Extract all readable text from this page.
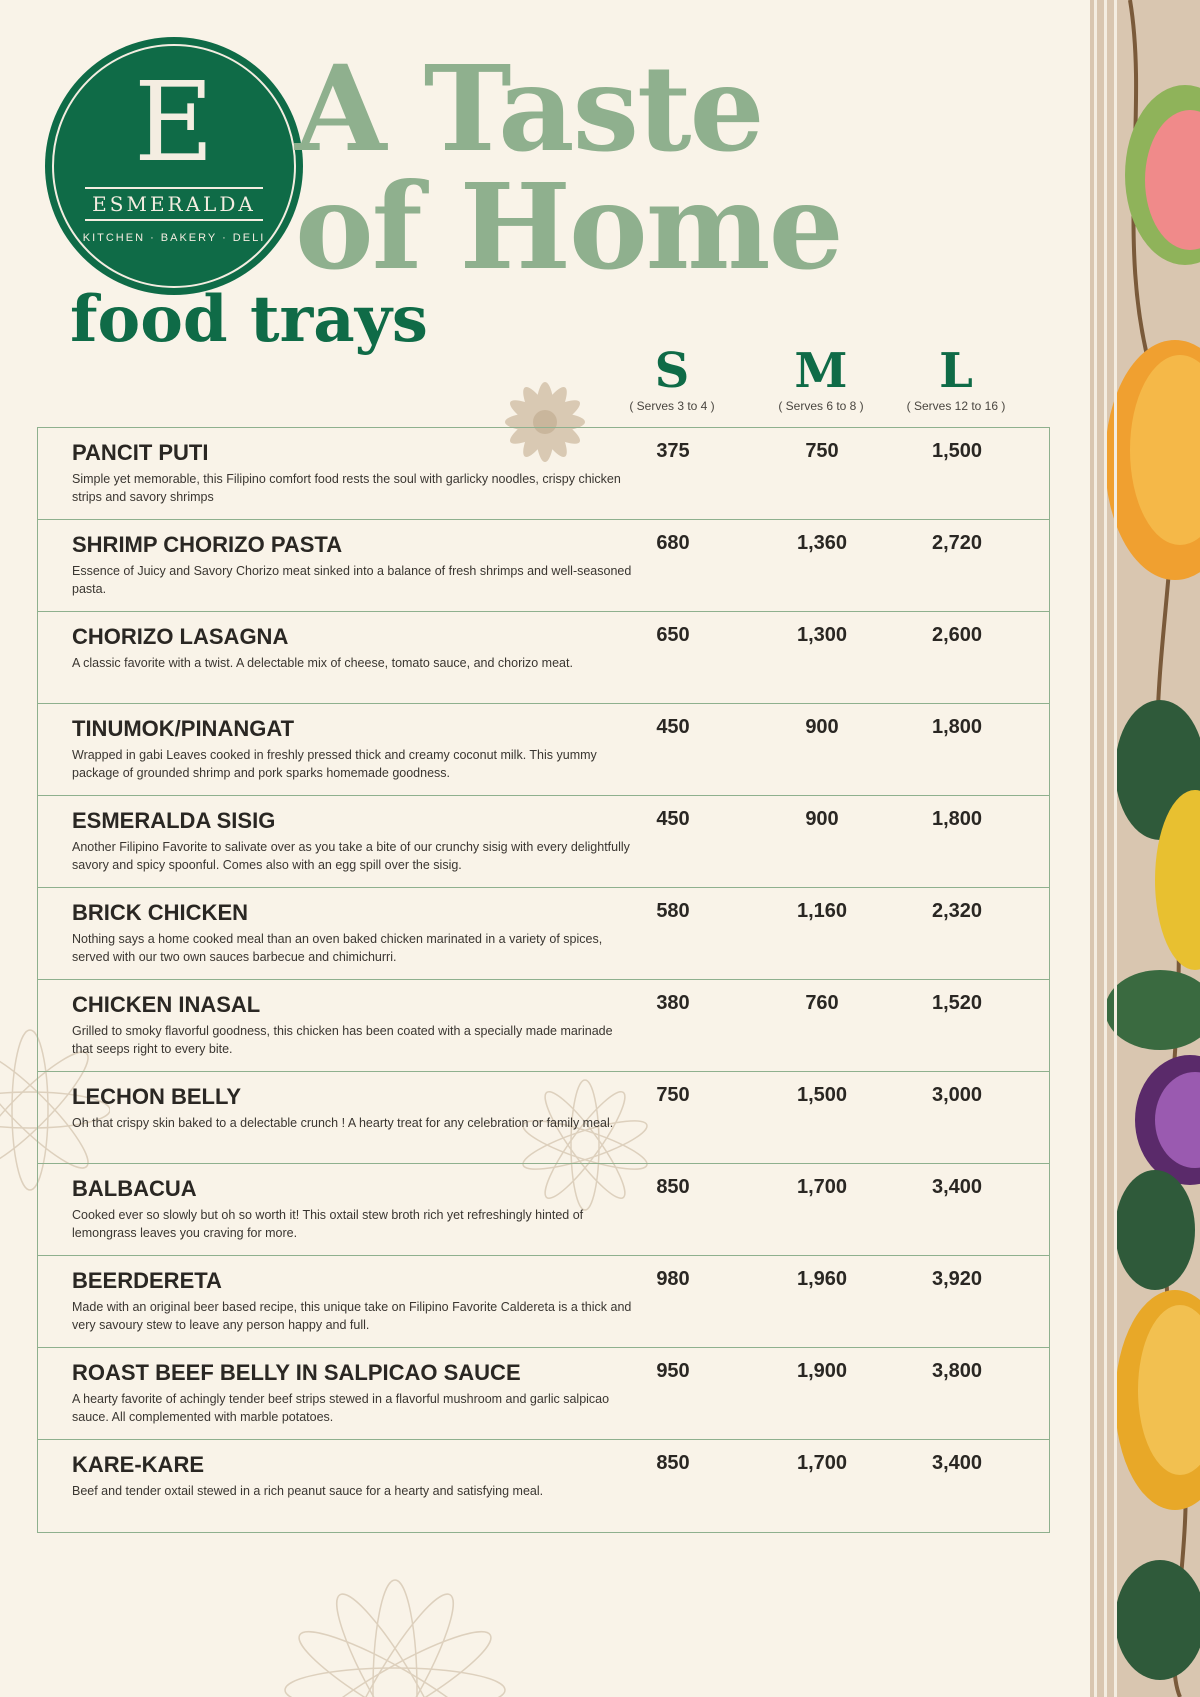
E
ESMERALDA
KITCHEN · BAKERY · DELI
A Taste
of Home
food trays
S
( Serves 3 to 4 )
M
( Serves 6 to 8 )
L
( Serves 12 to 16 )
PANCIT PUTI
Simple yet memorable, this Filipino comfort food rests the soul with garlicky noodles, crispy chicken strips and savory shrimps
375	750	1,500
SHRIMP CHORIZO PASTA
Essence of Juicy and Savory Chorizo meat sinked into a balance of fresh shrimps and well-seasoned pasta.
680	1,360	2,720
CHORIZO LASAGNA
A classic favorite with a twist. A delectable mix of cheese, tomato sauce, and chorizo meat.
650	1,300	2,600
TINUMOK/PINANGAT
Wrapped in gabi Leaves cooked in freshly pressed thick and creamy coconut milk. This yummy package of grounded shrimp and pork sparks homemade goodness.
450	900	1,800
ESMERALDA SISIG
Another Filipino Favorite to salivate over as you take a bite of our crunchy sisig with every delightfully savory and spicy spoonful. Comes also with an egg spill over the sisig.
450	900	1,800
BRICK CHICKEN
Nothing says a home cooked meal than an oven baked chicken marinated in a variety of spices, served with our two own sauces barbecue and chimichurri.
580	1,160	2,320
CHICKEN INASAL
Grilled to smoky flavorful goodness, this chicken has been coated with a specially made marinade that seeps right to every bite.
380	760	1,520
LECHON BELLY
Oh that crispy skin baked to a delectable crunch ! A hearty treat for any celebration or family meal.
750	1,500	3,000
BALBACUA
Cooked ever so slowly but oh so worth it! This oxtail stew broth rich yet refreshingly hinted of lemongrass leaves you craving for more.
850	1,700	3,400
BEERDERETA
Made with an original beer based recipe, this unique take on Filipino Favorite Caldereta is a thick and very savoury stew to leave any person happy and full.
980	1,960	3,920
ROAST BEEF BELLY IN SALPICAO SAUCE
A hearty favorite of achingly tender beef strips stewed in a flavorful mushroom and garlic salpicao sauce. All complemented with marble potatoes.
950	1,900	3,800
KARE-KARE
Beef and tender oxtail stewed in a rich peanut sauce for a hearty and satisfying meal.
850	1,700	3,400
